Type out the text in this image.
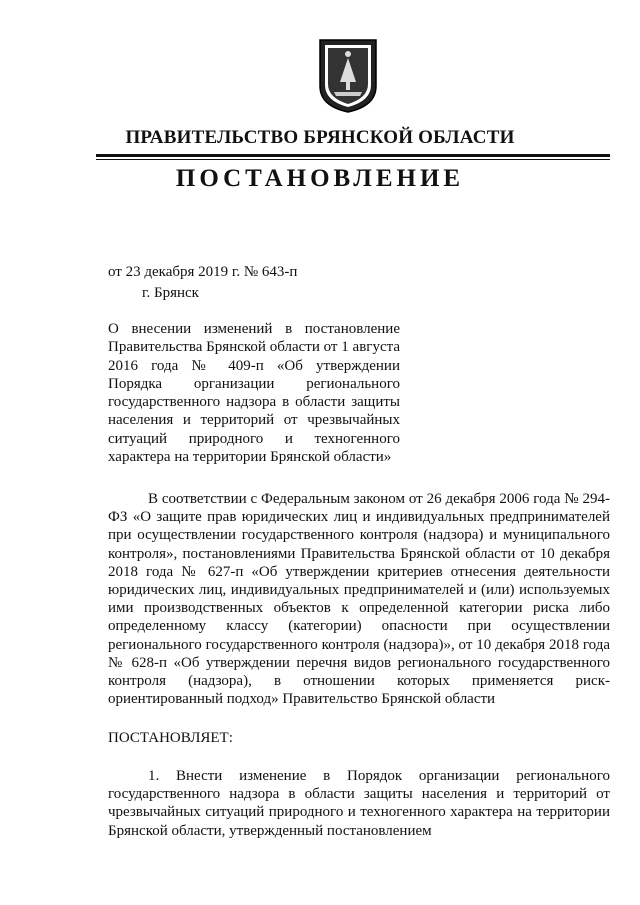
ПРАВИТЕЛЬСТВО БРЯНСКОЙ ОБЛАСТИ
ПОСТАНОВЛЕНИЕ
от 23 декабря 2019 г. № 643-п
г. Брянск
О внесении изменений в постановление Правительства Брянской области от 1 августа 2016 года № 409-п «Об утверждении Порядка организации регионального государственного надзора в области защиты населения и территорий от чрезвычайных ситуаций природного и техногенного характера на территории Брянской области»

В соответствии с Федеральным законом от 26 декабря 2006 года № 294-ФЗ «О защите прав юридических лиц и индивидуальных предпринимателей при осуществлении государственного контроля (надзора) и муниципального контроля», постановлениями Правительства Брянской области от 10 декабря 2018 года № 627-п «Об утверждении критериев отнесения деятельности юридических лиц, индивидуальных предпринимателей и (или) используемых ими производственных объектов к определенной категории риска либо определенному классу (категории) опасности при осуществлении регионального государственного контроля (надзора)», от 10 декабря 2018 года № 628-п «Об утверждении перечня видов регионального государственного контроля (надзора), в отношении которых применяется риск-ориентированный подход» Правительство Брянской области

ПОСТАНОВЛЯЕТ:
1. Внести изменение в Порядок организации регионального государственного надзора в области защиты населения и территорий от чрезвычайных ситуаций природного и техногенного характера на территории Брянской области, утвержденный постановлением
